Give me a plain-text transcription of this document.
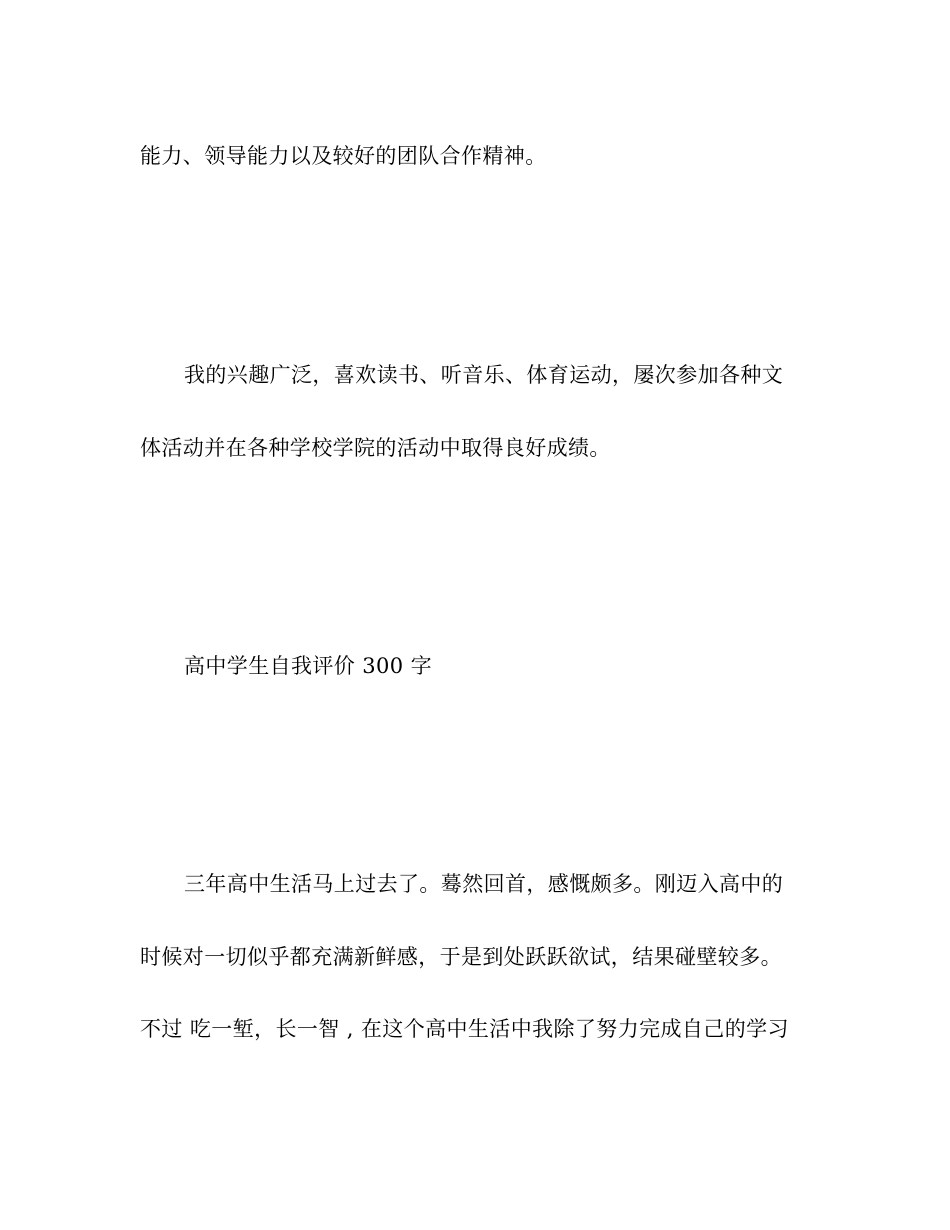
能力、领导能力以及较好的团队合作精神。
我的兴趣广泛，喜欢读书、听音乐、体育运动，屡次参加各种文
体活动并在各种学校学院的活动中取得良好成绩。
高中学生自我评价 300 字
三年高中生活马上过去了。蓦然回首，感慨颇多。刚迈入高中的
时候对一切似乎都充满新鲜感，于是到处跃跃欲试，结果碰壁较多。
不过 吃一堑，长一智 , 在这个高中生活中我除了努力完成自己的学习
